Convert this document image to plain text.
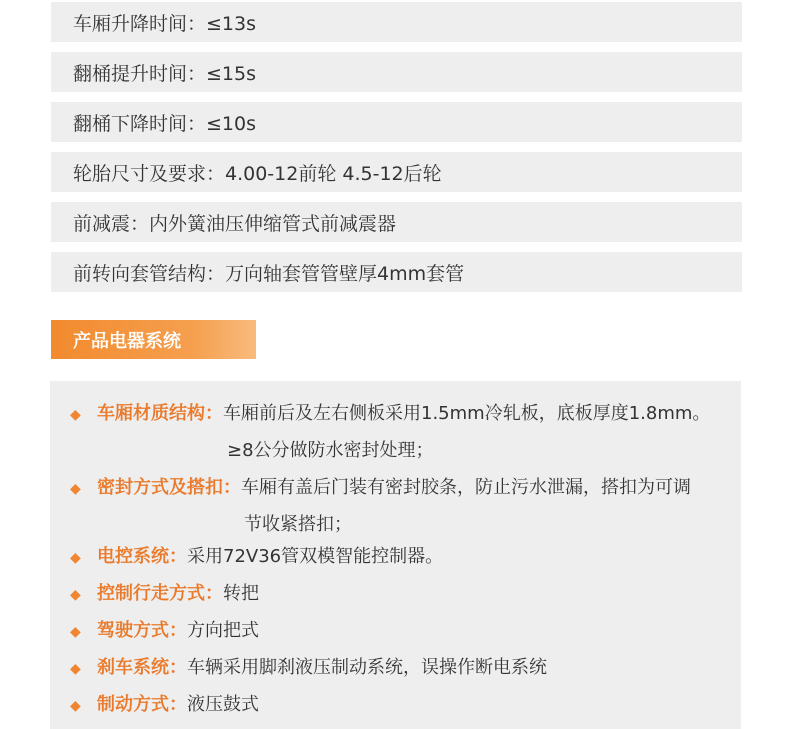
车厢升降时间：≤13s
翻桶提升时间：≤15s
翻桶下降时间：≤10s
轮胎尺寸及要求：4.00-12前轮 4.5-12后轮
前减震：内外簧油压伸缩管式前减震器
前转向套管结构：万向轴套管管壁厚4mm套管
产品电器系统
◆ 车厢材质结构：车厢前后及左右侧板采用1.5mm冷轧板，底板厚度1.8mm。
≥8公分做防水密封处理；
◆ 密封方式及搭扣：车厢有盖后门装有密封胶条，防止污水泄漏，搭扣为可调
节收紧搭扣；
◆ 电控系统：采用72V36管双模智能控制器。
◆ 控制行走方式：转把
◆ 驾驶方式：方向把式
◆ 刹车系统：车辆采用脚刹液压制动系统，误操作断电系统
◆ 制动方式：液压鼓式
